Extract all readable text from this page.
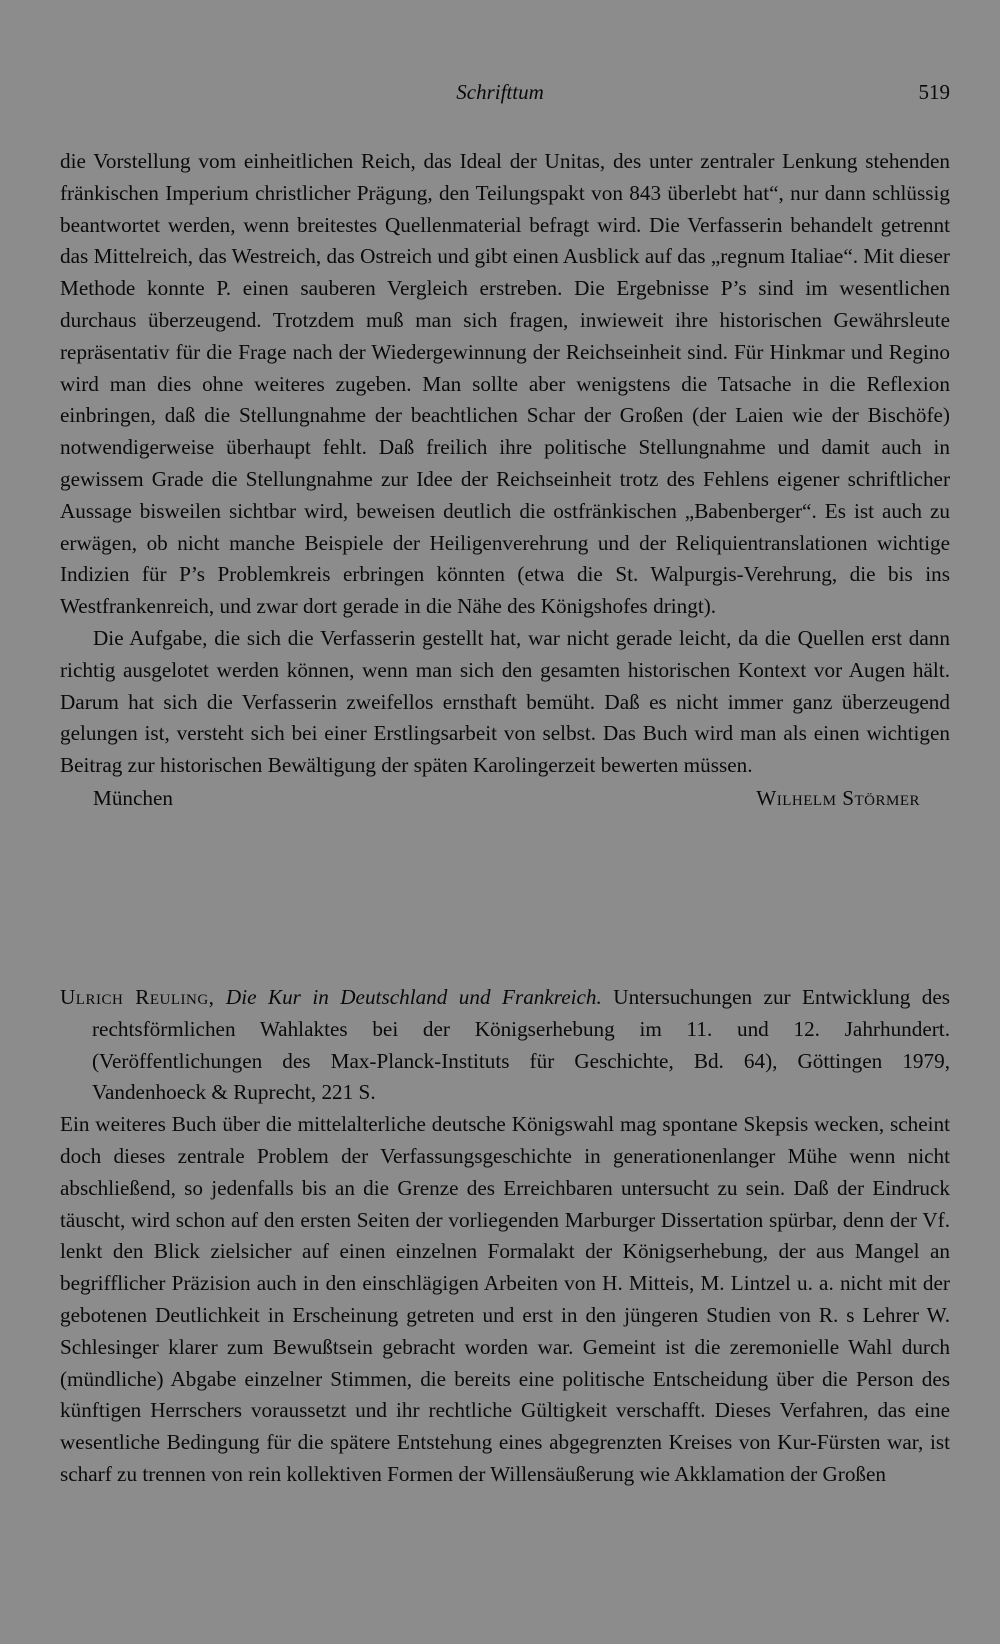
Schrifttum	519

die Vorstellung vom einheitlichen Reich, das Ideal der Unitas, des unter zentraler Lenkung stehenden fränkischen Imperium christlicher Prägung, den Teilungspakt von 843 überlebt hat“, nur dann schlüssig beantwortet werden, wenn breitestes Quellenmaterial befragt wird. Die Verfasserin behandelt getrennt das Mittelreich, das Westreich, das Ostreich und gibt einen Ausblick auf das „regnum Italiae“. Mit dieser Methode konnte P. einen sauberen Vergleich erstreben. Die Ergebnisse P’s sind im wesentlichen durchaus überzeugend. Trotzdem muß man sich fragen, inwieweit ihre historischen Gewährsleute repräsentativ für die Frage nach der Wiedergewinnung der Reichseinheit sind. Für Hinkmar und Regino wird man dies ohne weiteres zugeben. Man sollte aber wenigstens die Tatsache in die Reflexion einbringen, daß die Stellungnahme der beachtlichen Schar der Großen (der Laien wie der Bischöfe) notwendigerweise überhaupt fehlt. Daß freilich ihre politische Stellungnahme und damit auch in gewissem Grade die Stellungnahme zur Idee der Reichseinheit trotz des Fehlens eigener schriftlicher Aussage bisweilen sichtbar wird, beweisen deutlich die ostfränkischen „Babenberger“. Es ist auch zu erwägen, ob nicht manche Beispiele der Heiligenverehrung und der Reliquientranslationen wichtige Indizien für P’s Problemkreis erbringen könnten (etwa die St. Walpurgis-Verehrung, die bis ins Westfrankenreich, und zwar dort gerade in die Nähe des Königshofes dringt).

Die Aufgabe, die sich die Verfasserin gestellt hat, war nicht gerade leicht, da die Quellen erst dann richtig ausgelotet werden können, wenn man sich den gesamten historischen Kontext vor Augen hält. Darum hat sich die Verfasserin zweifellos ernsthaft bemüht. Daß es nicht immer ganz überzeugend gelungen ist, versteht sich bei einer Erstlingsarbeit von selbst. Das Buch wird man als einen wichtigen Beitrag zur historischen Bewältigung der späten Karolingerzeit bewerten müssen.

München	Wilhelm Störmer

Ulrich Reuling, Die Kur in Deutschland und Frankreich. Untersuchungen zur Entwicklung des rechtsförmlichen Wahlaktes bei der Königserhebung im 11. und 12. Jahrhundert. (Veröffentlichungen des Max-Planck-Instituts für Geschichte, Bd. 64), Göttingen 1979, Vandenhoeck & Ruprecht, 221 S.

Ein weiteres Buch über die mittelalterliche deutsche Königswahl mag spontane Skepsis wecken, scheint doch dieses zentrale Problem der Verfassungsgeschichte in generationenlanger Mühe wenn nicht abschließend, so jedenfalls bis an die Grenze des Erreichbaren untersucht zu sein. Daß der Eindruck täuscht, wird schon auf den ersten Seiten der vorliegenden Marburger Dissertation spürbar, denn der Vf. lenkt den Blick zielsicher auf einen einzelnen Formalakt der Königserhebung, der aus Mangel an begrifflicher Präzision auch in den einschlägigen Arbeiten von H. Mitteis, M. Lintzel u. a. nicht mit der gebotenen Deutlichkeit in Erscheinung getreten und erst in den jüngeren Studien von R. s Lehrer W. Schlesinger klarer zum Bewußtsein gebracht worden war. Gemeint ist die zeremonielle Wahl durch (mündliche) Abgabe einzelner Stimmen, die bereits eine politische Entscheidung über die Person des künftigen Herrschers voraussetzt und ihr rechtliche Gültigkeit verschafft. Dieses Verfahren, das eine wesentliche Bedingung für die spätere Entstehung eines abgegrenzten Kreises von Kur-Fürsten war, ist scharf zu trennen von rein kollektiven Formen der Willensäußerung wie Akklamation der Großen
